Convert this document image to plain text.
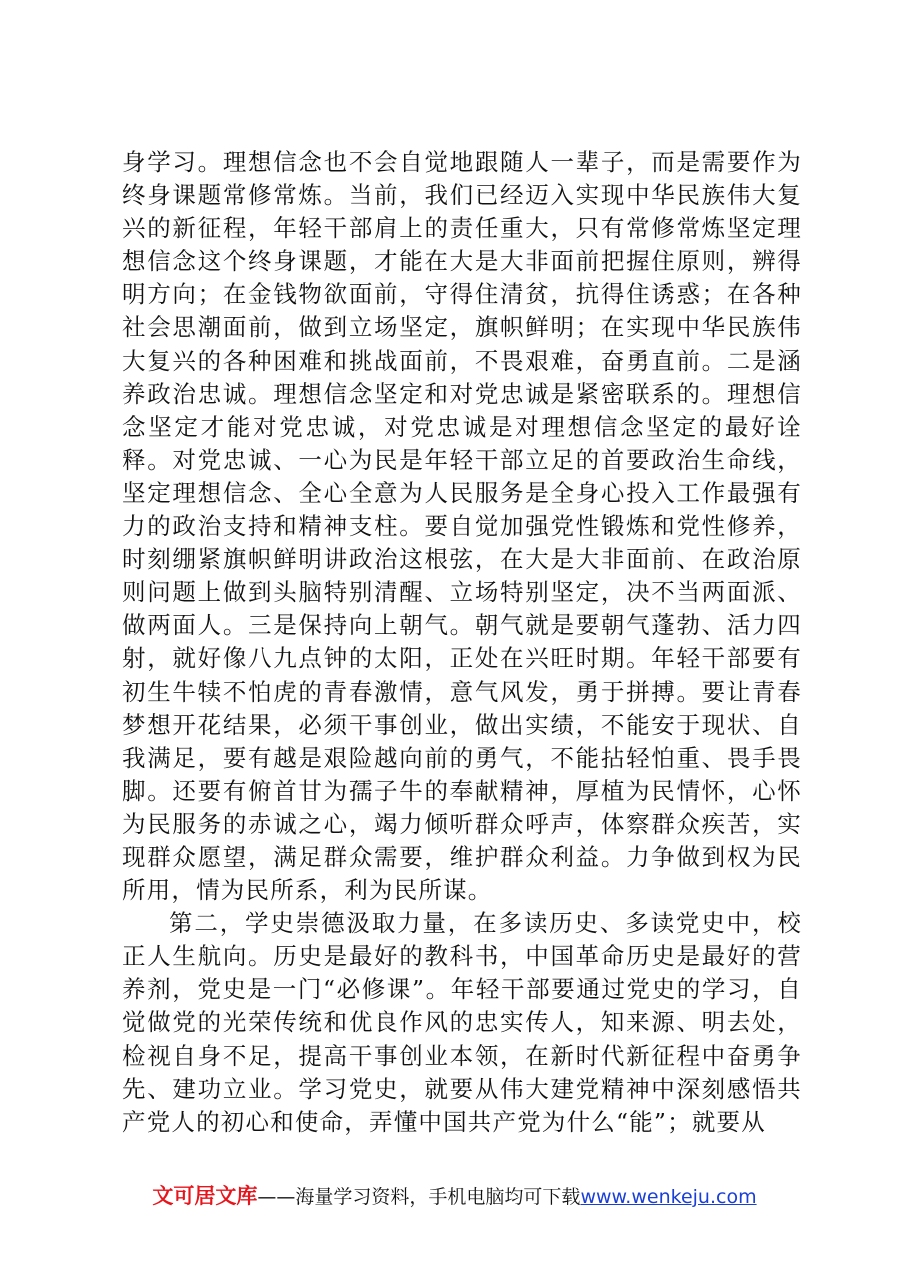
身学习。理想信念也不会自觉地跟随人一辈子，而是需要作为终身课题常修常炼。当前，我们已经迈入实现中华民族伟大复兴的新征程，年轻干部肩上的责任重大，只有常修常炼坚定理想信念这个终身课题，才能在大是大非面前把握住原则，辨得明方向；在金钱物欲面前，守得住清贫，抗得住诱惑；在各种社会思潮面前，做到立场坚定，旗帜鲜明；在实现中华民族伟大复兴的各种困难和挑战面前，不畏艰难，奋勇直前。二是涵养政治忠诚。理想信念坚定和对党忠诚是紧密联系的。理想信念坚定才能对党忠诚，对党忠诚是对理想信念坚定的最好诠释。对党忠诚、一心为民是年轻干部立足的首要政治生命线，坚定理想信念、全心全意为人民服务是全身心投入工作最强有力的政治支持和精神支柱。要自觉加强党性锻炼和党性修养，时刻绷紧旗帜鲜明讲政治这根弦，在大是大非面前、在政治原则问题上做到头脑特别清醒、立场特别坚定，决不当两面派、做两面人。三是保持向上朝气。朝气就是要朝气蓬勃、活力四射，就好像八九点钟的太阳，正处在兴旺时期。年轻干部要有初生牛犊不怕虎的青春激情，意气风发，勇于拼搏。要让青春梦想开花结果，必须干事创业，做出实绩，不能安于现状、自我满足，要有越是艰险越向前的勇气，不能拈轻怕重、畏手畏脚。还要有俯首甘为孺子牛的奉献精神，厚植为民情怀，心怀为民服务的赤诚之心，竭力倾听群众呼声，体察群众疾苦，实现群众愿望，满足群众需要，维护群众利益。力争做到权为民所用，情为民所系，利为民所谋。

第二，学史崇德汲取力量，在多读历史、多读党史中，校正人生航向。历史是最好的教科书，中国革命历史是最好的营养剂，党史是一门“必修课”。年轻干部要通过党史的学习，自觉做党的光荣传统和优良作风的忠实传人，知来源、明去处，检视自身不足，提高干事创业本领，在新时代新征程中奋勇争先、建功立业。学习党史，就要从伟大建党精神中深刻感悟共产党人的初心和使命，弄懂中国共产党为什么“能”；就要从

文可居文库——海量学习资料，手机电脑均可下载www.wenkeju.com
